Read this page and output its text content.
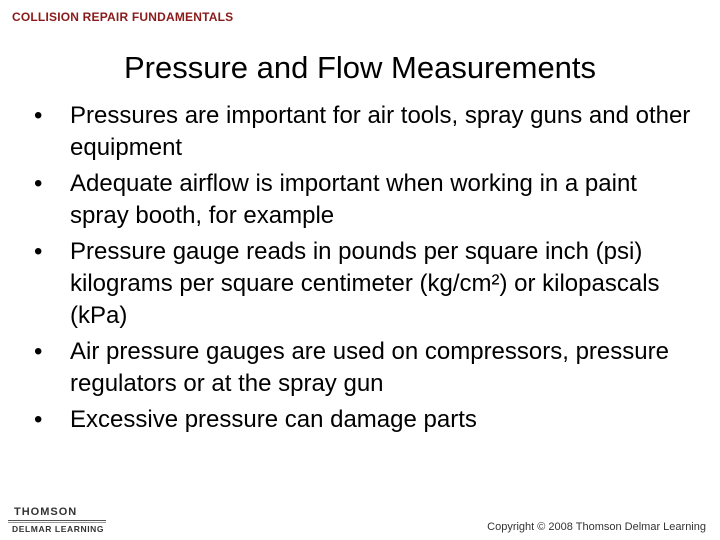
COLLISION REPAIR FUNDAMENTALS
Pressure and Flow Measurements
• Pressures are important for air tools, spray guns and other equipment
• Adequate airflow is important when working in a paint spray booth, for example
• Pressure gauge reads in pounds per square inch (psi) kilograms per square centimeter (kg/cm²) or kilopascals (kPa)
• Air pressure gauges are used on compressors, pressure regulators or at the spray gun
• Excessive pressure can damage parts
THOMSON
DELMAR LEARNING	Copyright © 2008 Thomson Delmar Learning
